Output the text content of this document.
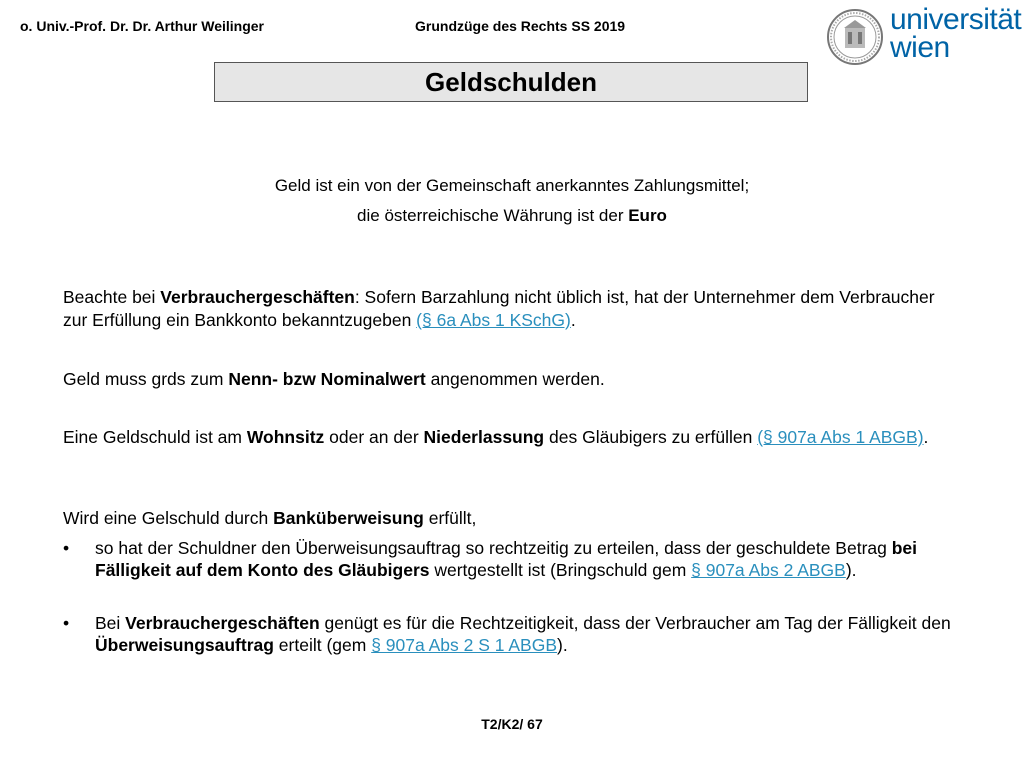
o. Univ.-Prof. Dr. Dr. Arthur Weilinger	Grundzüge des Rechts SS 2019	universität
wien
Geldschulden
Geld ist ein von der Gemeinschaft anerkanntes Zahlungsmittel;
die österreichische Währung ist der Euro
Beachte bei Verbrauchergeschäften: Sofern Barzahlung nicht üblich ist, hat der Unternehmer dem Verbraucher zur Erfüllung ein Bankkonto bekanntzugeben (§ 6a Abs 1 KSchG).
Geld muss grds zum Nenn- bzw Nominalwert angenommen werden.
Eine Geldschuld ist am Wohnsitz oder an der Niederlassung des Gläubigers zu erfüllen (§ 907a Abs 1 ABGB).
Wird eine Gelschuld durch Banküberweisung erfüllt,
• so hat der Schuldner den Überweisungsauftrag so rechtzeitig zu erteilen, dass der geschuldete Betrag bei Fälligkeit auf dem Konto des Gläubigers wertgestellt ist (Bringschuld gem § 907a Abs 2 ABGB).
• Bei Verbrauchergeschäften genügt es für die Rechtzeitigkeit, dass der Verbraucher am Tag der Fälligkeit den Überweisungsauftrag erteilt (gem § 907a Abs 2 S 1 ABGB).
T2/K2/ 67
